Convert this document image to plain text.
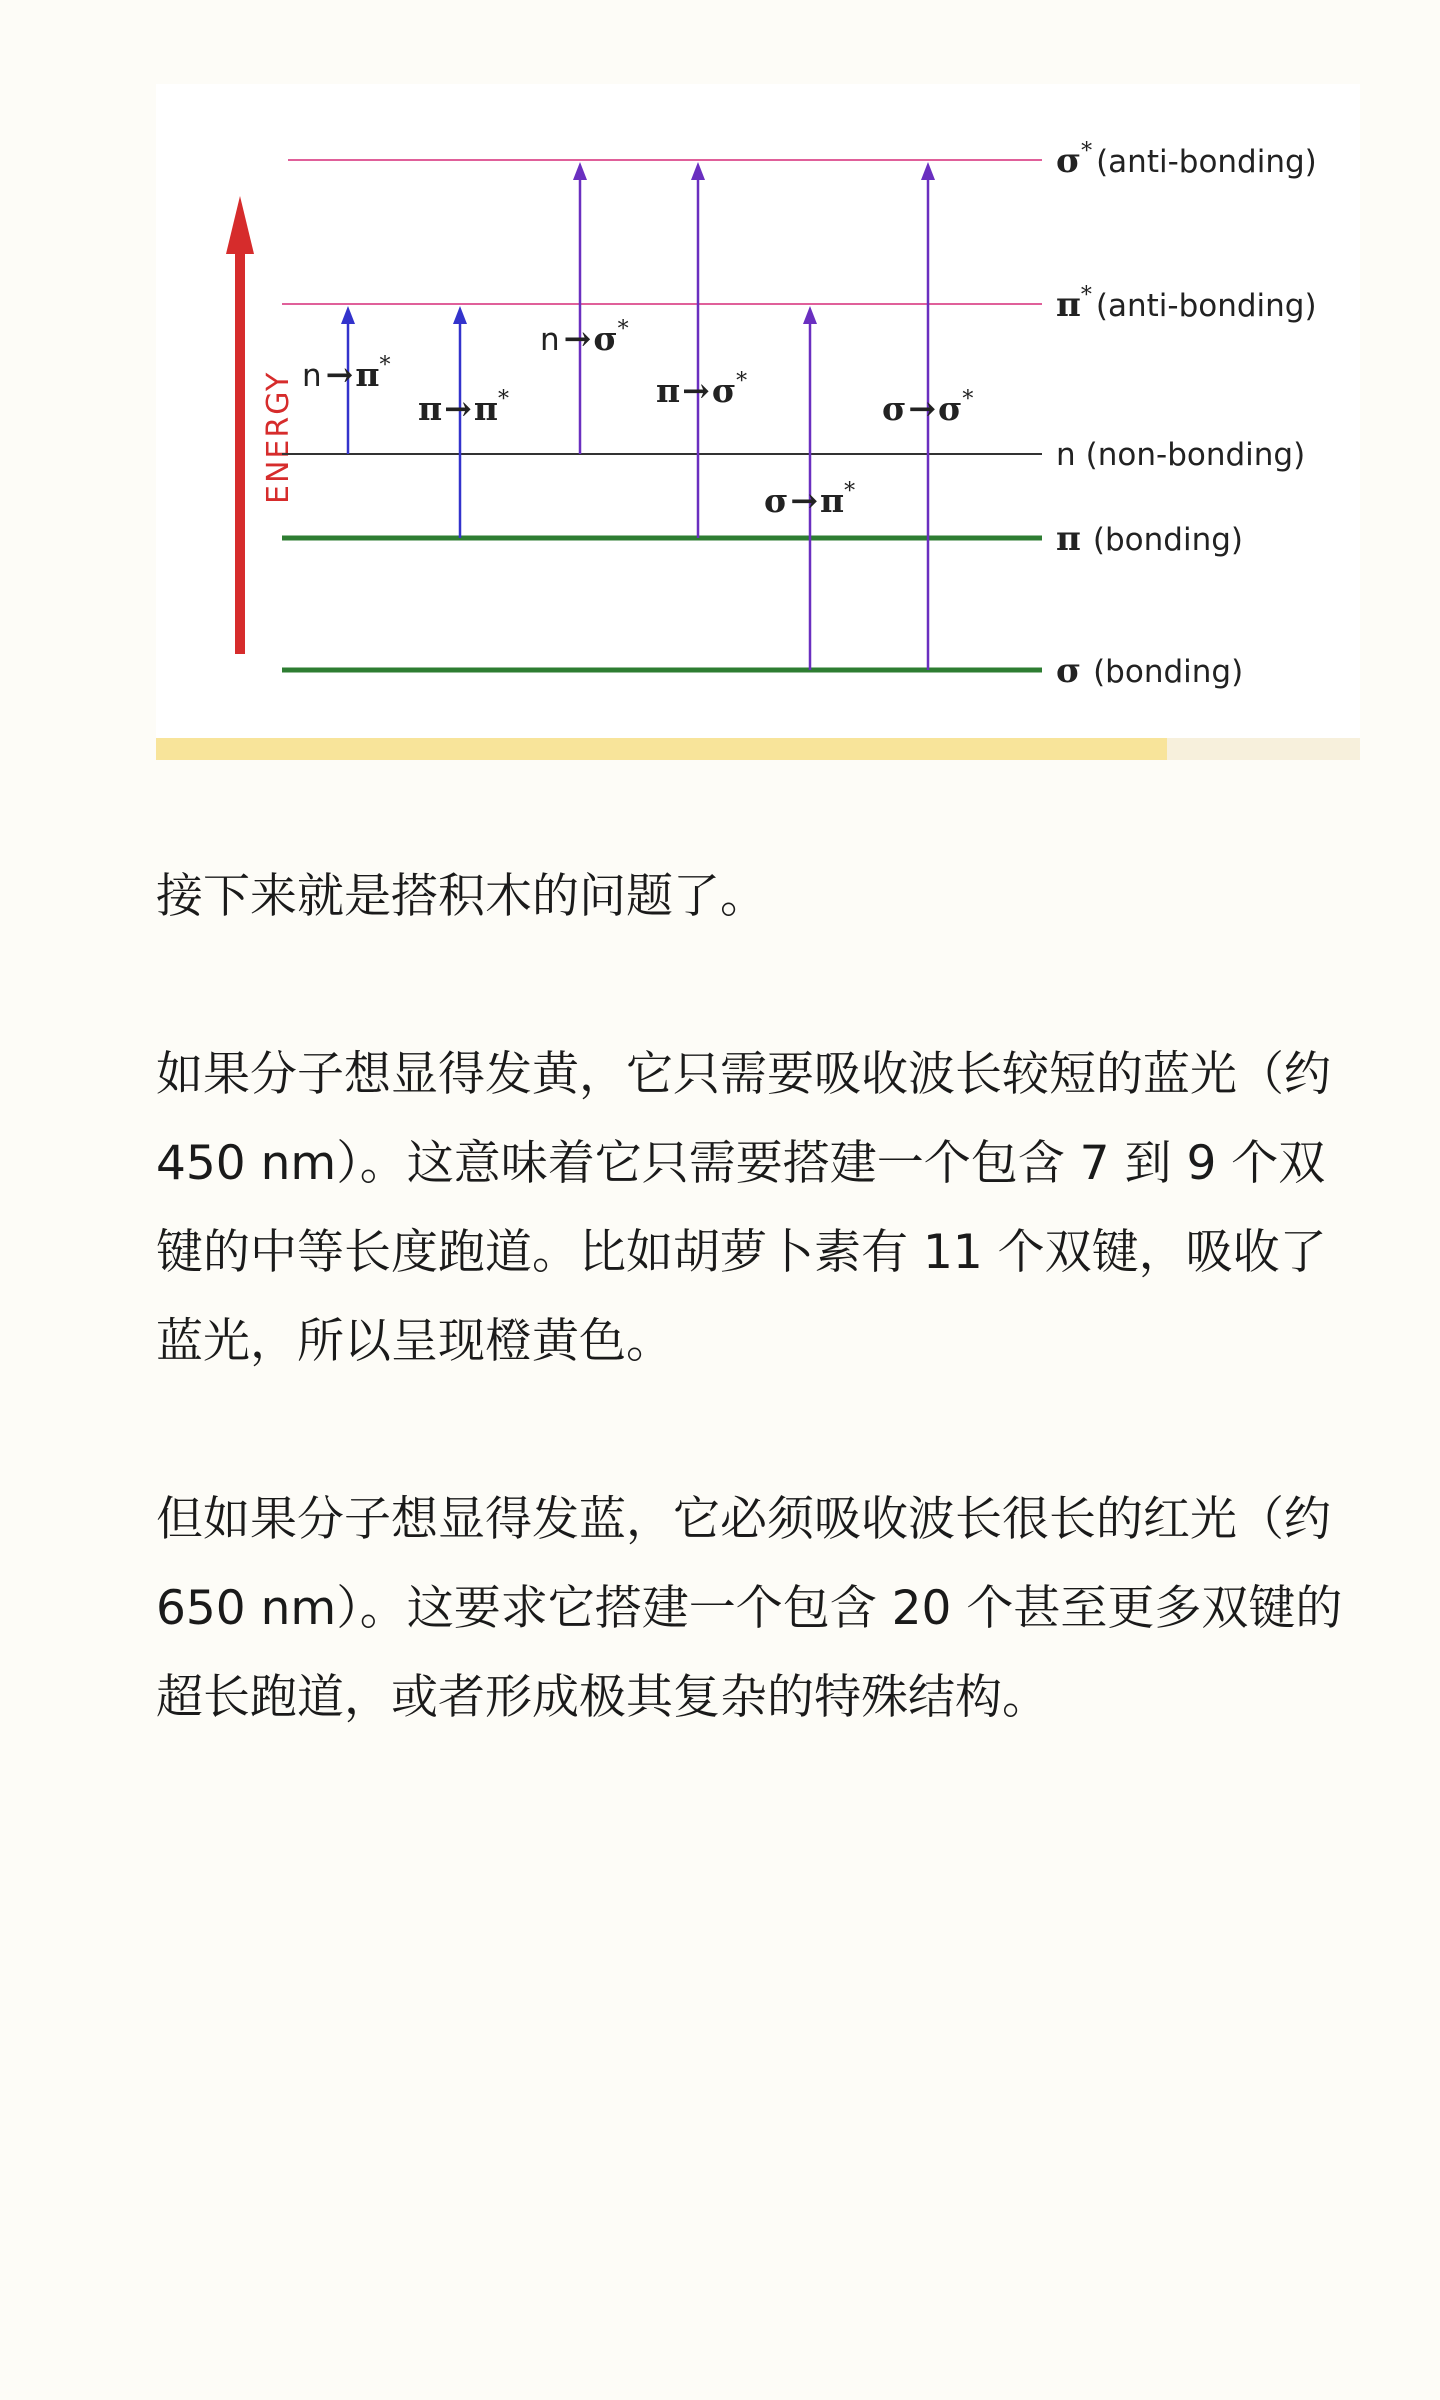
ENERGY
σ* (anti-bonding)
π* (anti-bonding)
n (non-bonding)
π (bonding)
σ (bonding)
n →π*
π→π*
n →σ*
π→σ*
σ→π*
σ→σ*

接下来就是搭积木的问题了。

如果分子想显得发黄，它只需要吸收波长较短的蓝光（约 450 nm）。这意味着它只需要搭建一个包含 7 到 9 个双键的中等长度跑道。比如胡萝卜素有 11 个双键，吸收了蓝光，所以呈现橙黄色。

但如果分子想显得发蓝，它必须吸收波长很长的红光（约 650 nm）。这要求它搭建一个包含 20 个甚至更多双键的超长跑道，或者形成极其复杂的特殊结构。
